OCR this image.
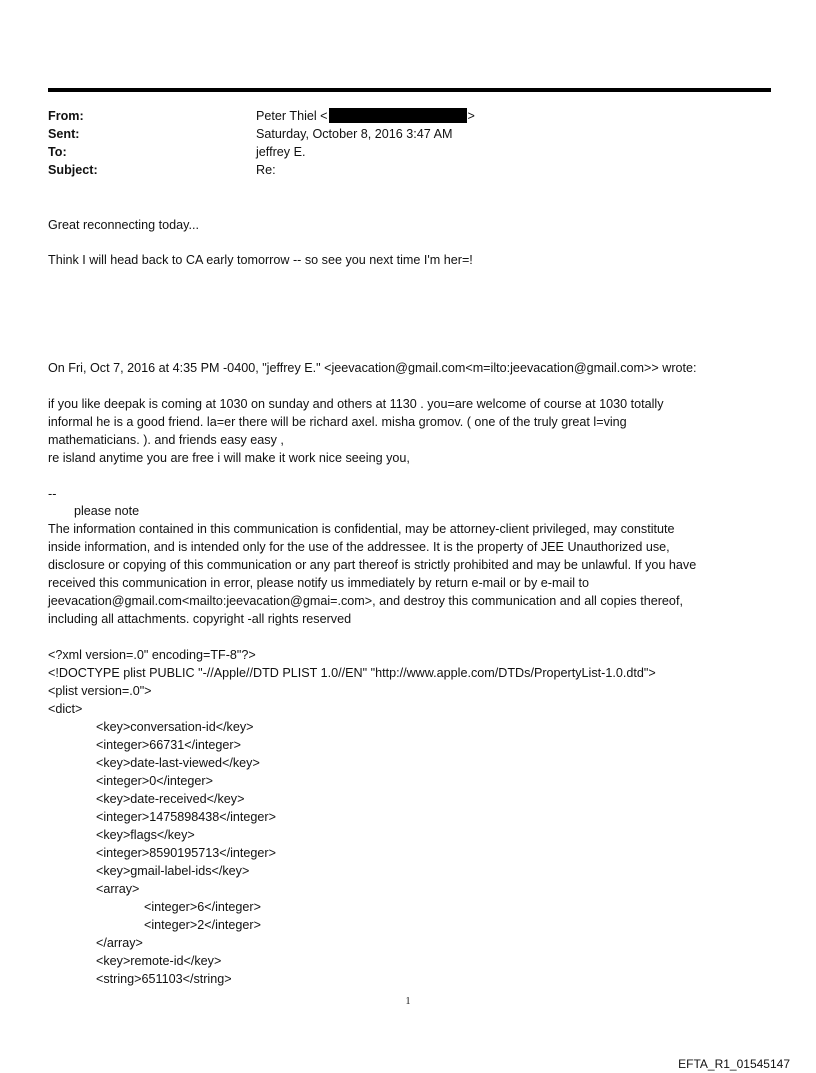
From:	Peter Thiel <	>
Sent:	Saturday, October 8, 2016 3:47 AM
To:	jeffrey E.
Subject:	Re:
Great reconnecting today...
Think I will head back to CA early tomorrow -- so see you next time I'm her=!
On Fri, Oct 7, 2016 at 4:35 PM -0400, "jeffrey E." <jeevacation@gmail.com<m=ilto:jeevacation@gmail.com>> wrote:
if you like deepak is coming at 1030 on sunday and others at 1130 . you=are welcome of course at 1030 totally
informal he is a good friend. la=er there will be richard axel. misha gromov. ( one of the truly great l=ving
mathematicians. ). and friends easy easy ,
re island anytime you are free i will make it work nice seeing you,
--
please note
The information contained in this communication is confidential, may be attorney-client privileged, may constitute
inside information, and is intended only for the use of the addressee. It is the property of JEE Unauthorized use,
disclosure or copying of this communication or any part thereof is strictly prohibited and may be unlawful. If you have
received this communication in error, please notify us immediately by return e-mail or by e-mail to
jeevacation@gmail.com<mailto:jeevacation@gmai=.com>, and destroy this communication and all copies thereof,
including all attachments. copyright -all rights reserved
<?xml version=.0" encoding=TF-8"?>
<!DOCTYPE plist PUBLIC "-//Apple//DTD PLIST 1.0//EN" "http://www.apple.com/DTDs/PropertyList-1.0.dtd">
<plist version=.0">
<dict>
<key>conversation-id</key>
<integer>66731</integer>
<key>date-last-viewed</key>
<integer>0</integer>
<key>date-received</key>
<integer>1475898438</integer>
<key>flags</key>
<integer>8590195713</integer>
<key>gmail-label-ids</key>
<array>
<integer>6</integer>
<integer>2</integer>
</array>
<key>remote-id</key>
<string>651103</string>
1
EFTA_R1_01545147
